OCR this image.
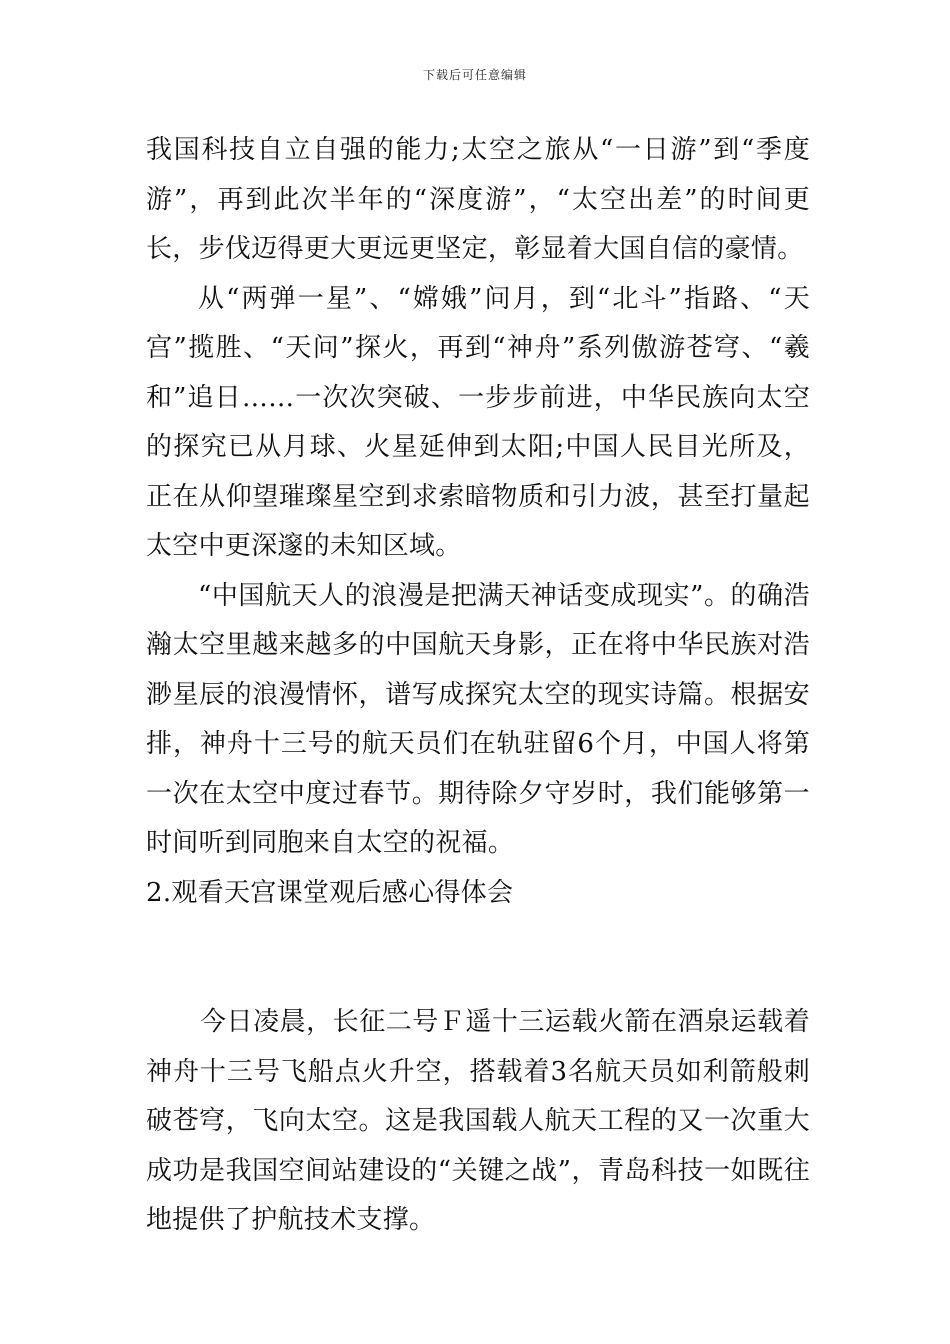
下载后可任意编辑

我国科技自立自强的能力;太空之旅从“一日游”到“季度游”，再到此次半年的“深度游”，“太空出差”的时间更长，步伐迈得更大更远更坚定，彰显着大国自信的豪情。

从“两弹一星”、“嫦娥”问月，到“北斗”指路、“天宫”揽胜、“天问”探火，再到“神舟”系列傲游苍穹、“羲和”追日……一次次突破、一步步前进，中华民族向太空的探究已从月球、火星延伸到太阳;中国人民目光所及，正在从仰望璀璨星空到求索暗物质和引力波，甚至打量起太空中更深邃的未知区域。

“中国航天人的浪漫是把满天神话变成现实”。的确浩瀚太空里越来越多的中国航天身影，正在将中华民族对浩渺星辰的浪漫情怀，谱写成探究太空的现实诗篇。根据安排，神舟十三号的航天员们在轨驻留6个月，中国人将第一次在太空中度过春节。期待除夕守岁时，我们能够第一时间听到同胞来自太空的祝福。

2.观看天宫课堂观后感心得体会

今日凌晨，长征二号Ｆ遥十三运载火箭在酒泉运载着神舟十三号飞船点火升空，搭载着3名航天员如利箭般刺破苍穹，飞向太空。这是我国载人航天工程的又一次重大成功是我国空间站建设的“关键之战”，青岛科技一如既往地提供了护航技术支撑。
